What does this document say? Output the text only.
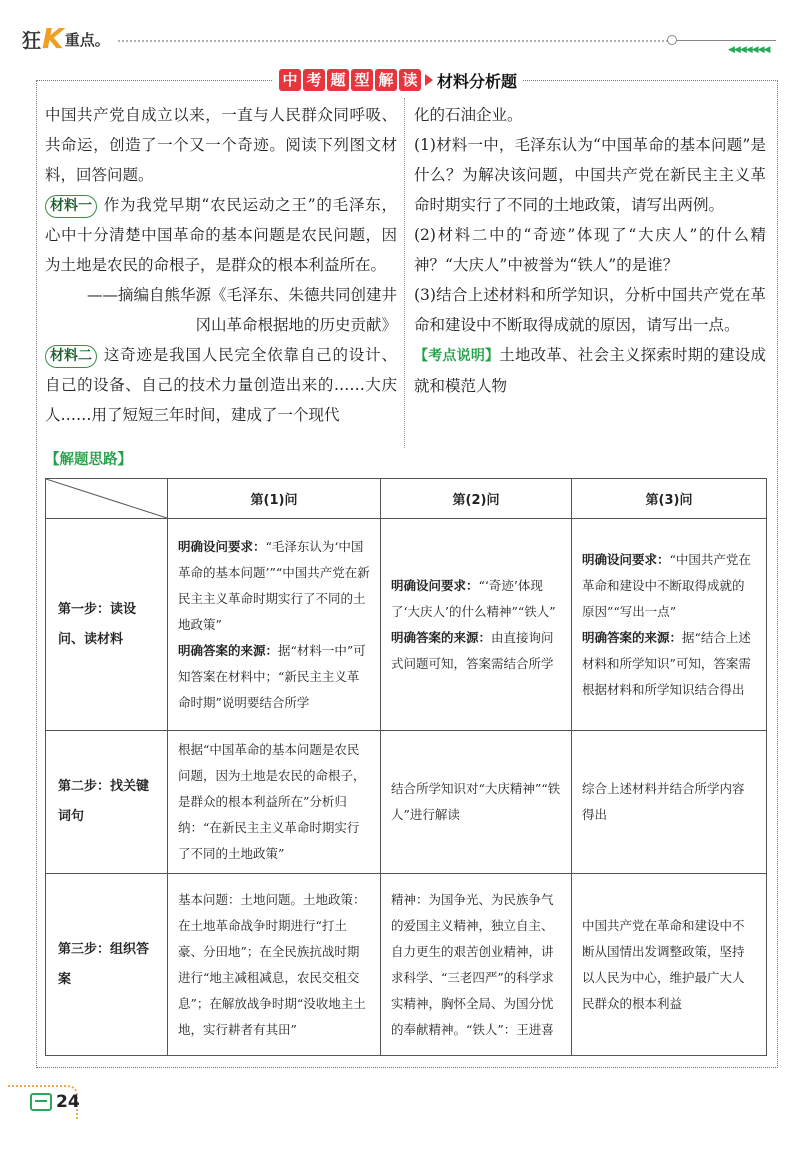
狂 K 重点。
◀◀◀◀◀◀◀
中 考 题 型 解 读 材料分析题

中国共产党自成立以来，一直与人民群众同呼吸、共命运，创造了一个又一个奇迹。阅读下列图文材料，回答问题。

材料一 作为我党早期“农民运动之王”的毛泽东，心中十分清楚中国革命的基本问题是农民问题，因为土地是农民的命根子，是群众的根本利益所在。

——摘编自熊华源《毛泽东、朱德共同创建井

冈山革命根据地的历史贡献》

材料二 这奇迹是我国人民完全依靠自己的设计、自己的设备、自己的技术力量创造出来的……大庆人……用了短短三年时间，建成了一个现代

化的石油企业。

(1)材料一中，毛泽东认为“中国革命的基本问题”是什么？为解决该问题，中国共产党在新民主主义革命时期实行了不同的土地政策，请写出两例。

(2)材料二中的“奇迹”体现了“大庆人”的什么精神？“大庆人”中被誉为“铁人”的是谁？

(3)结合上述材料和所学知识，分析中国共产党在革命和建设中不断取得成就的原因，请写出一点。

【考点说明】土地改革、社会主义探索时期的建设成就和模范人物

【解题思路】
	第(1)问	第(2)问	第(3)问
第一步：读设问、读材料	明确设问要求：“毛泽东认为‘中国革命的基本问题’”“中国共产党在新民主主义革命时期实行了不同的土地政策”
明确答案的来源：据“材料一中”可知答案在材料中；“新民主主义革命时期”说明要结合所学	明确设问要求：“‘奇迹’体现了‘大庆人’的什么精神”“铁人”
明确答案的来源：由直接询问式问题可知，答案需结合所学	明确设问要求：“中国共产党在革命和建设中不断取得成就的原因”“写出一点”
明确答案的来源：据“结合上述材料和所学知识”可知，答案需根据材料和所学知识结合得出
第二步：找关键词句	根据“中国革命的基本问题是农民问题，因为土地是农民的命根子，是群众的根本利益所在”分析归纳：“在新民主主义革命时期实行了不同的土地政策”	结合所学知识对“大庆精神”“铁人”进行解读	综合上述材料并结合所学内容得出
第三步：组织答案	基本问题：土地问题。土地政策：在土地革命战争时期进行“打土豪、分田地”；在全民族抗战时期进行“地主减租减息，农民交租交息”；在解放战争时期“没收地主土地，实行耕者有其田”	精神：为国争光、为民族争气的爱国主义精神，独立自主、自力更生的艰苦创业精神，讲求科学、“三老四严”的科学求实精神，胸怀全局、为国分忧的奉献精神。“铁人”：王进喜	中国共产党在革命和建设中不断从国情出发调整政策，坚持以人民为中心，维护最广大人民群众的根本利益
24
